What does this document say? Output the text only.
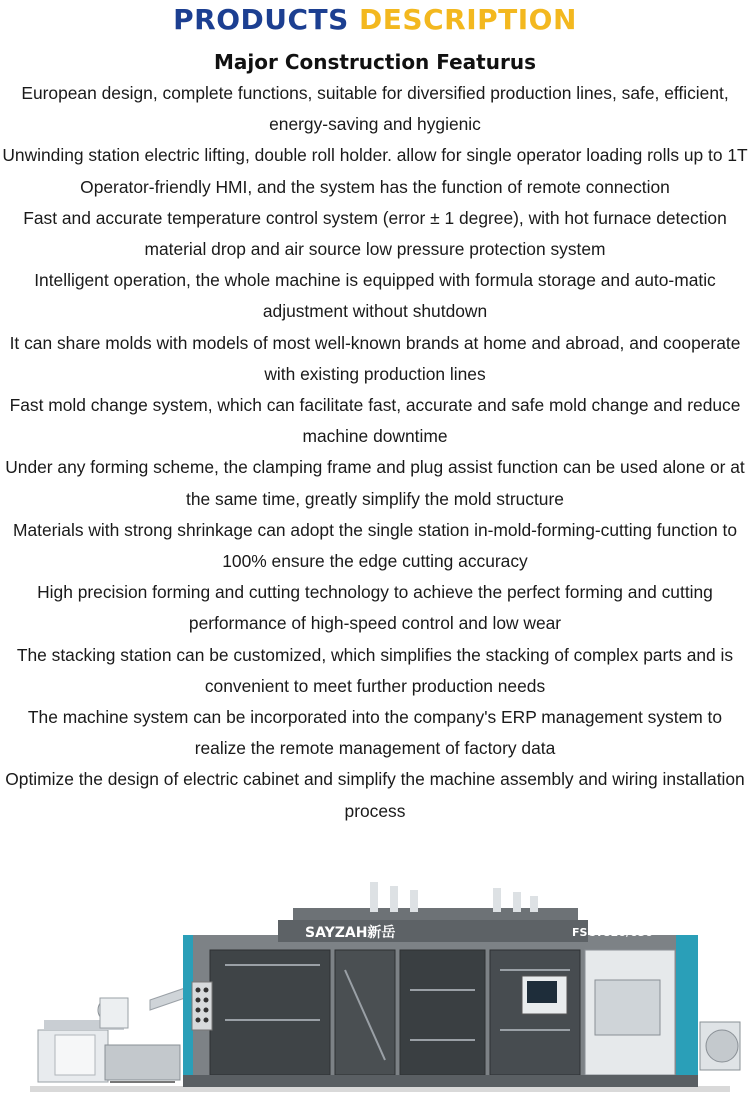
PRODUCTS DESCRIPTION
Major Construction Featurus
European design, complete functions, suitable for diversified production lines, safe, efficient, energy-saving and hygienic
Unwinding station electric lifting, double roll holder. allow for single operator loading rolls up to 1T
Operator-friendly HMI, and the system has the function of remote connection
Fast and accurate temperature control system (error ± 1 degree), with hot furnace detection material drop and air source low pressure protection system
Intelligent operation, the whole machine is equipped with formula storage and auto-matic adjustment without shutdown
It can share molds with models of most well-known brands at home and abroad, and cooperate with existing production lines
Fast mold change system, which can facilitate fast, accurate and safe mold change and reduce machine downtime
Under any forming scheme, the clamping frame and plug assist function can be used alone or at the same time, greatly simplify the mold structure
Materials with strong shrinkage can adopt the single station in-mold-forming-cutting function to 100% ensure the edge cutting accuracy
High precision forming and cutting technology to achieve the perfect forming and cutting performance of high-speed control and low wear
The stacking station can be customized, which simplifies the stacking of complex parts and is convenient to meet further production needs
The machine system can be incorporated into the company's ERP management system to realize the remote management of factory data
Optimize the design of electric cabinet and simplify the machine assembly and wiring installation process
SAYZAH新岳	FSCT820/650
